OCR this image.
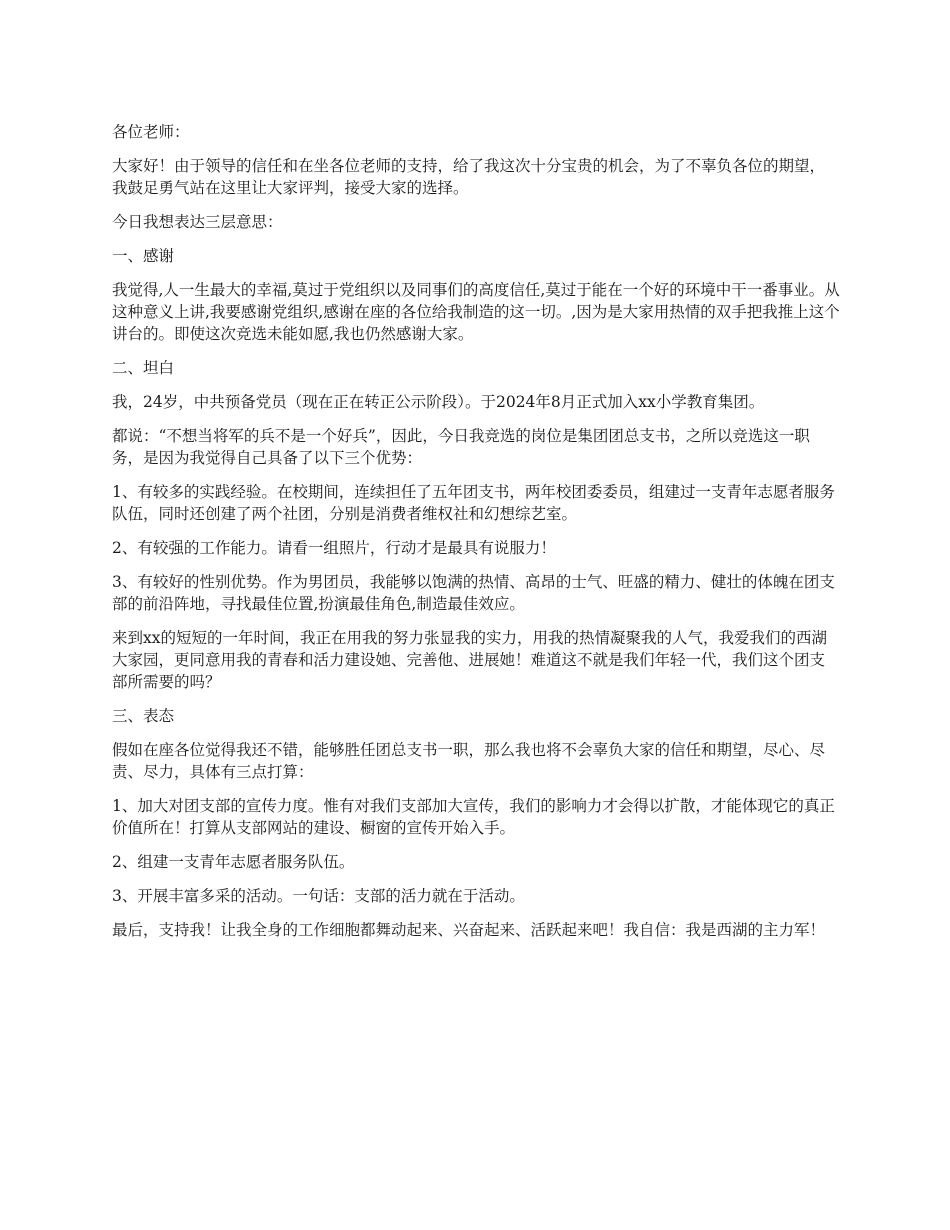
各位老师：

大家好！由于领导的信任和在坐各位老师的支持，给了我这次十分宝贵的机会，为了不辜负各位的期望，我鼓足勇气站在这里让大家评判，接受大家的选择。

今日我想表达三层意思：

一、感谢

我觉得,人一生最大的幸福,莫过于党组织以及同事们的高度信任,莫过于能在一个好的环境中干一番事业。从这种意义上讲,我要感谢党组织,感谢在座的各位给我制造的这一切。,因为是大家用热情的双手把我推上这个讲台的。即使这次竞选未能如愿,我也仍然感谢大家。

二、坦白

我，24岁，中共预备党员（现在正在转正公示阶段）。于2024年8月正式加入xx小学教育集团。

都说：“不想当将军的兵不是一个好兵”，因此，今日我竞选的岗位是集团团总支书，之所以竞选这一职务，是因为我觉得自己具备了以下三个优势：

1、有较多的实践经验。在校期间，连续担任了五年团支书，两年校团委委员，组建过一支青年志愿者服务队伍，同时还创建了两个社团，分别是消费者维权社和幻想综艺室。

2、有较强的工作能力。请看一组照片，行动才是最具有说服力！

3、有较好的性别优势。作为男团员，我能够以饱满的热情、高昂的士气、旺盛的精力、健壮的体魄在团支部的前沿阵地，寻找最佳位置,扮演最佳角色,制造最佳效应。

来到xx的短短的一年时间，我正在用我的努力张显我的实力，用我的热情凝聚我的人气，我爱我们的西湖大家园，更同意用我的青春和活力建设她、完善他、进展她！难道这不就是我们年轻一代，我们这个团支部所需要的吗？

三、表态

假如在座各位觉得我还不错，能够胜任团总支书一职，那么我也将不会辜负大家的信任和期望，尽心、尽责、尽力，具体有三点打算：

1、加大对团支部的宣传力度。惟有对我们支部加大宣传，我们的影响力才会得以扩散，才能体现它的真正价值所在！打算从支部网站的建设、橱窗的宣传开始入手。

2、组建一支青年志愿者服务队伍。

3、开展丰富多采的活动。一句话：支部的活力就在于活动。

最后，支持我！让我全身的工作细胞都舞动起来、兴奋起来、活跃起来吧！我自信：我是西湖的主力军！
